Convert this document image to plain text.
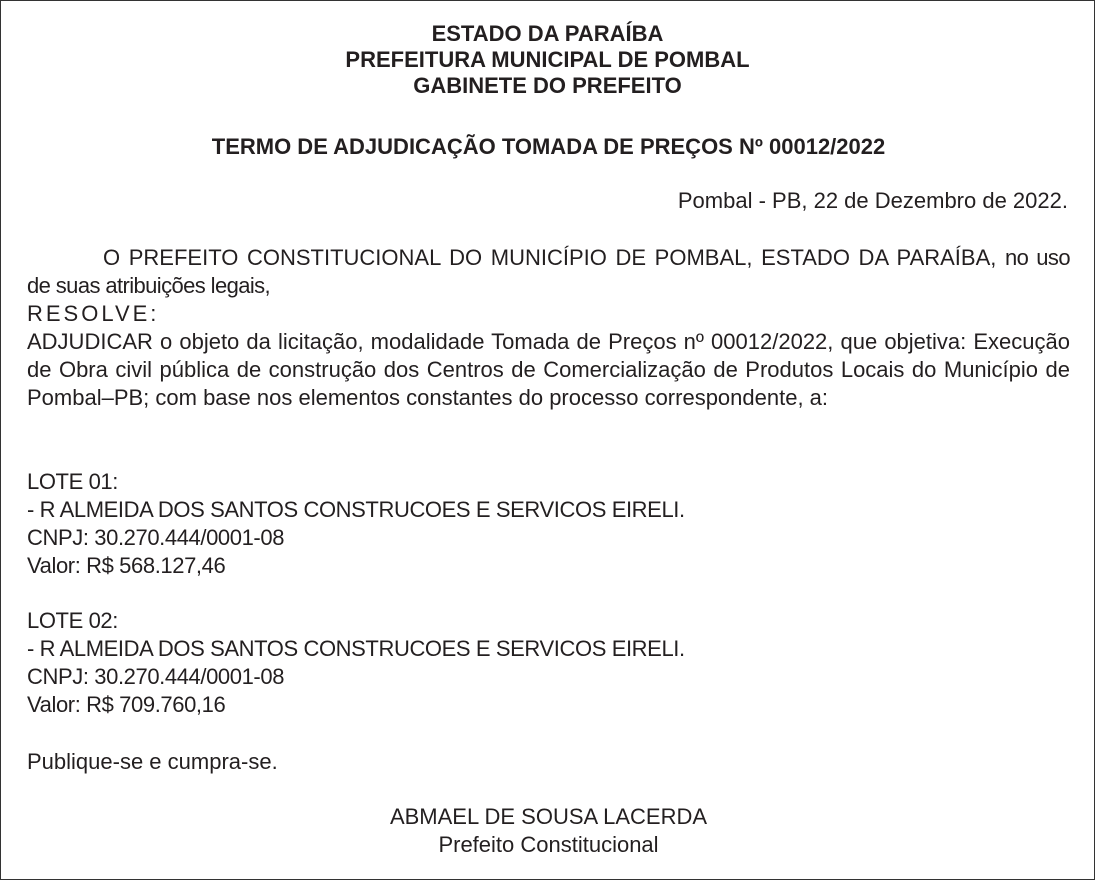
ESTADO DA PARAÍBA
PREFEITURA MUNICIPAL DE POMBAL
GABINETE DO PREFEITO
TERMO DE ADJUDICAÇÃO TOMADA DE PREÇOS Nº 00012/2022
Pombal - PB, 22 de Dezembro de 2022.

O PREFEITO CONSTITUCIONAL DO MUNICÍPIO DE POMBAL, ESTADO DA PARAÍBA, no uso de suas atribuições legais,

RESOLVE:

ADJUDICAR o objeto da licitação, modalidade Tomada de Preços nº 00012/2022, que objetiva: Execução de Obra civil pública de construção dos Centros de Comercialização de Produtos Locais do Município de Pombal–PB; com base nos elementos constantes do processo correspondente, a:

LOTE 01:
- R ALMEIDA DOS SANTOS CONSTRUCOES E SERVICOS EIRELI.
CNPJ: 30.270.444/0001-08
Valor: R$ 568.127,46
LOTE 02:
- R ALMEIDA DOS SANTOS CONSTRUCOES E SERVICOS EIRELI.
CNPJ: 30.270.444/0001-08
Valor: R$ 709.760,16
Publique-se e cumpra-se.
ABMAEL DE SOUSA LACERDA
Prefeito Constitucional
